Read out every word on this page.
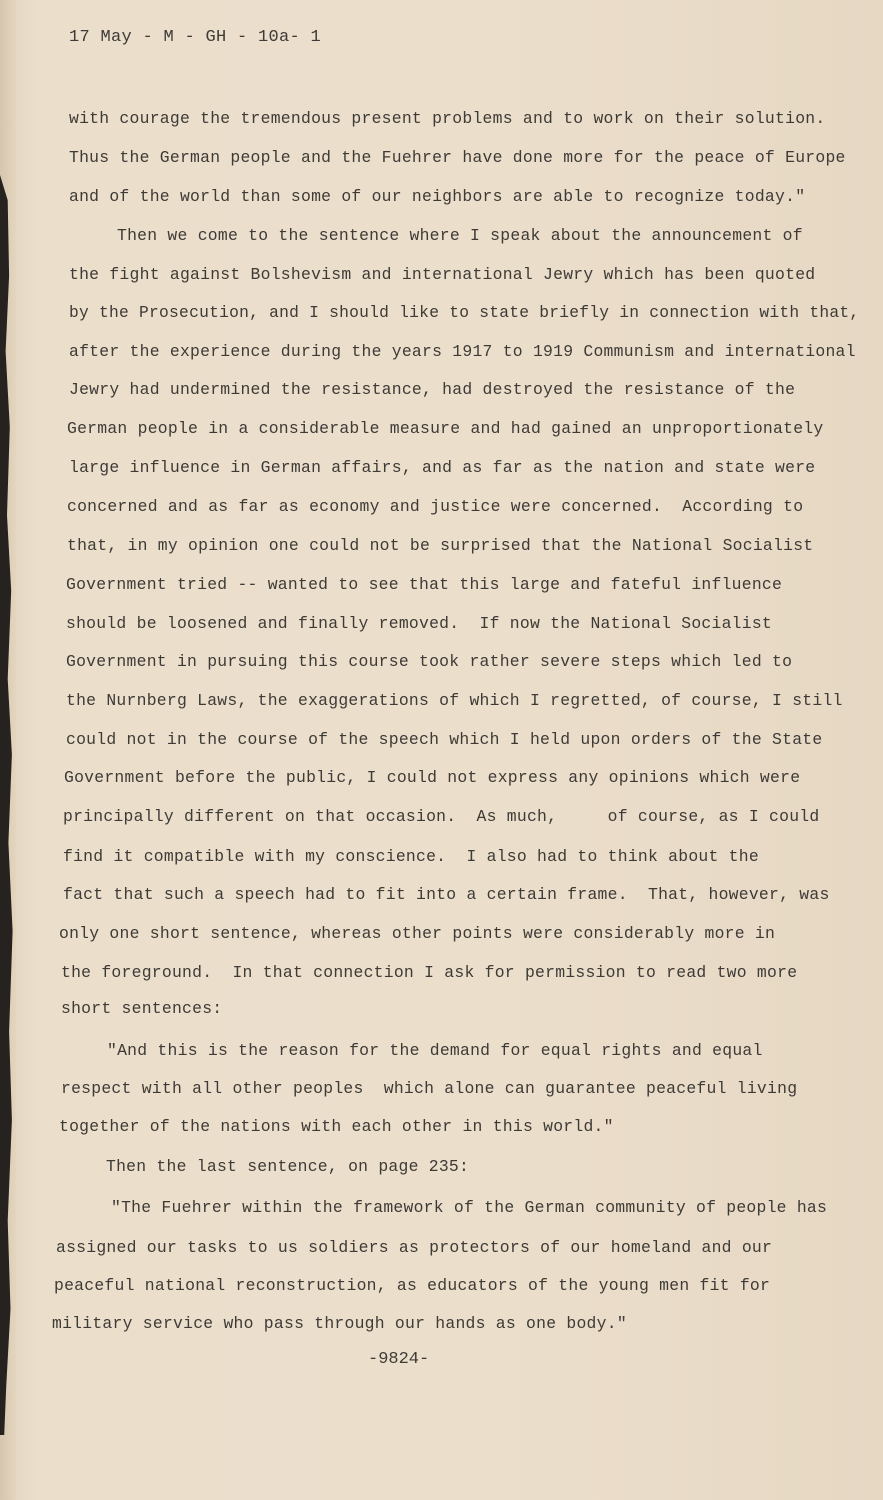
17 May - M - GH - 10a- 1
with courage the tremendous present problems and to work on their solution.
Thus the German people and the Fuehrer have done more for the peace of Europe
and of the world than some of our neighbors are able to recognize today."
Then we come to the sentence where I speak about the announcement of
the fight against Bolshevism and international Jewry which has been quoted
by the Prosecution, and I should like to state briefly in connection with that,
after the experience during the years 1917 to 1919 Communism and international
Jewry had undermined the resistance, had destroyed the resistance of the
German people in a considerable measure and had gained an unproportionately
large influence in German affairs, and as far as the nation and state were
concerned and as far as economy and justice were concerned.  According to
that, in my opinion one could not be surprised that the National Socialist
Government tried -- wanted to see that this large and fateful influence
should be loosened and finally removed.  If now the National Socialist
Government in pursuing this course took rather severe steps which led to
the Nurnberg Laws, the exaggerations of which I regretted, of course, I still
could not in the course of the speech which I held upon orders of the State
Government before the public, I could not express any opinions which were
principally different on that occasion.  As much,     of course, as I could
find it compatible with my conscience.  I also had to think about the
fact that such a speech had to fit into a certain frame.  That, however, was
only one short sentence, whereas other points were considerably more in
the foreground.  In that connection I ask for permission to read two more
short sentences:
"And this is the reason for the demand for equal rights and equal
respect with all other peoples  which alone can guarantee peaceful living
together of the nations with each other in this world."
Then the last sentence, on page 235:
"The Fuehrer within the framework of the German community of people has
assigned our tasks to us soldiers as protectors of our homeland and our
peaceful national reconstruction, as educators of the young men fit for
military service who pass through our hands as one body."
-9824-
